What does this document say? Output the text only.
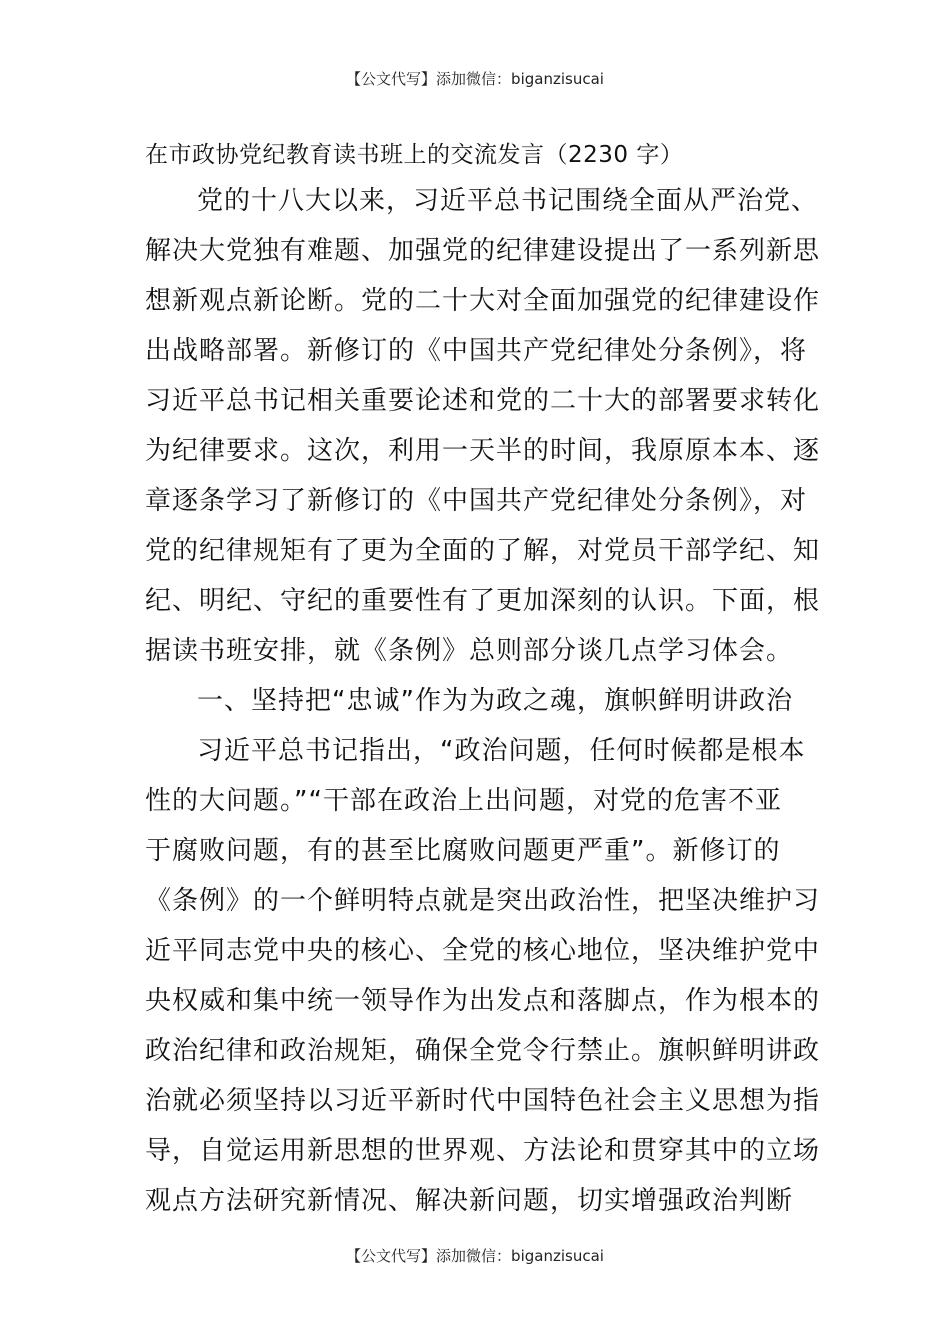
【公文代写】添加微信：biganzisucai
在市政协党纪教育读书班上的交流发言（2230 字）
党的十八大以来，习近平总书记围绕全面从严治党、
解决大党独有难题、加强党的纪律建设提出了一系列新思
想新观点新论断。党的二十大对全面加强党的纪律建设作
出战略部署。新修订的《中国共产党纪律处分条例》，将
习近平总书记相关重要论述和党的二十大的部署要求转化
为纪律要求。这次，利用一天半的时间，我原原本本、逐
章逐条学习了新修订的《中国共产党纪律处分条例》，对
党的纪律规矩有了更为全面的了解，对党员干部学纪、知
纪、明纪、守纪的重要性有了更加深刻的认识。下面，根
据读书班安排，就《条例》总则部分谈几点学习体会。
一、坚持把“忠诚”作为为政之魂，旗帜鲜明讲政治
习近平总书记指出，“政治问题，任何时候都是根本
性的大问题。”“干部在政治上出问题，对党的危害不亚
于腐败问题，有的甚至比腐败问题更严重”。新修订的
《条例》的一个鲜明特点就是突出政治性，把坚决维护习
近平同志党中央的核心、全党的核心地位，坚决维护党中
央权威和集中统一领导作为出发点和落脚点，作为根本的
政治纪律和政治规矩，确保全党令行禁止。旗帜鲜明讲政
治就必须坚持以习近平新时代中国特色社会主义思想为指
导，自觉运用新思想的世界观、方法论和贯穿其中的立场
观点方法研究新情况、解决新问题，切实增强政治判断
【公文代写】添加微信：biganzisucai
